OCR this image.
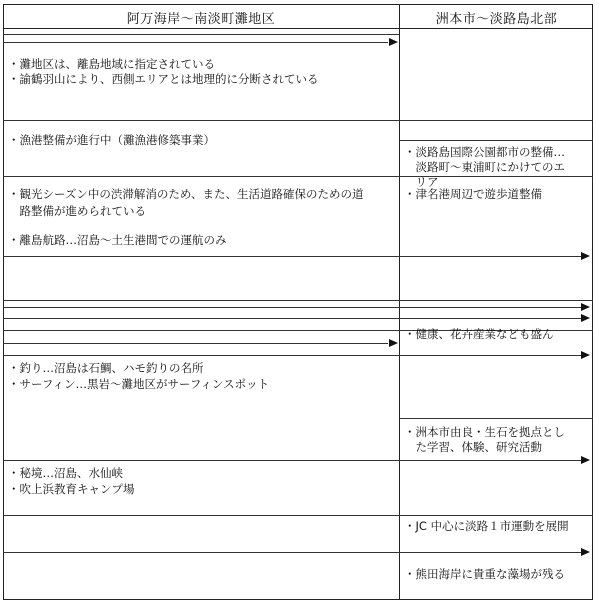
阿万海岸～南淡町灘地区	洲本市～淡路島北部
・灘地区は、離島地域に指定されている
・諭鶴羽山により、西側エリアとは地理的に分断されている
・漁港整備が進行中（灘漁港修築事業）
・観光シーズン中の渋滞解消のため、また、生活道路確保のための道
　路整備が進められている
・離島航路…沼島～土生港間での運航のみ
・釣り…沼島は石鯛、ハモ釣りの名所
・サーフィン…黒岩～灘地区がサーフィンスポット
・秘境…沼島、水仙峡
・吹上浜教育キャンプ場
・淡路島国際公園都市の整備…
　淡路町～東浦町にかけてのエ
　リア
・津名港周辺で遊歩道整備
・健康、花卉産業なども盛ん
・洲本市由良・生石を拠点とし
　た学習、体験、研究活動
・JC 中心に淡路１市運動を展開
・熊田海岸に貴重な藻場が残る
